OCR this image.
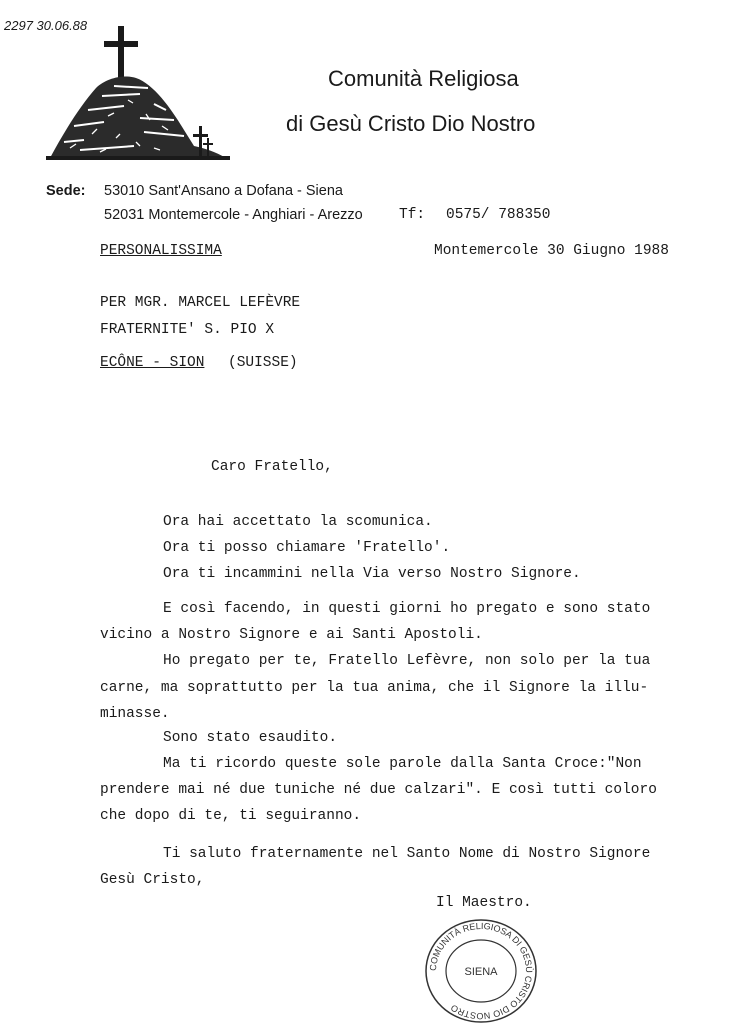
2297 30.06.88
Comunità Religiosa
di Gesù Cristo Dio Nostro
Sede: 53010 Sant'Ansano a Dofana - Siena
52031 Montemercole - Anghiari - Arezzo	Tf: 0575/ 788350
PERSONALISSIMA	Montemercole 30 Giugno 1988
PER MGR. MARCEL LEFÈVRE
FRATERNITE' S. PIO X
ECÔNE - SION (SUISSE)
Caro Fratello,
Ora hai accettato la scomunica.
Ora ti posso chiamare 'Fratello'.
Ora ti incammini nella Via verso Nostro Signore.
E così facendo, in questi giorni ho pregato e sono stato
vicino a Nostro Signore e ai Santi Apostoli.
Ho pregato per te, Fratello Lefèvre, non solo per la tua
carne, ma soprattutto per la tua anima, che il Signore la illu-
minasse.
Sono stato esaudito.
Ma ti ricordo queste sole parole dalla Santa Croce:"Non
prendere mai né due tuniche né due calzari". E così tutti coloro
che dopo di te, ti seguiranno.
Ti saluto fraternamente nel Santo Nome di Nostro Signore
Gesù Cristo,
Il Maestro.
COMUNITÀ RELIGIOSA DI GESÙ CRISTO DIO NOSTRO
SIENA
